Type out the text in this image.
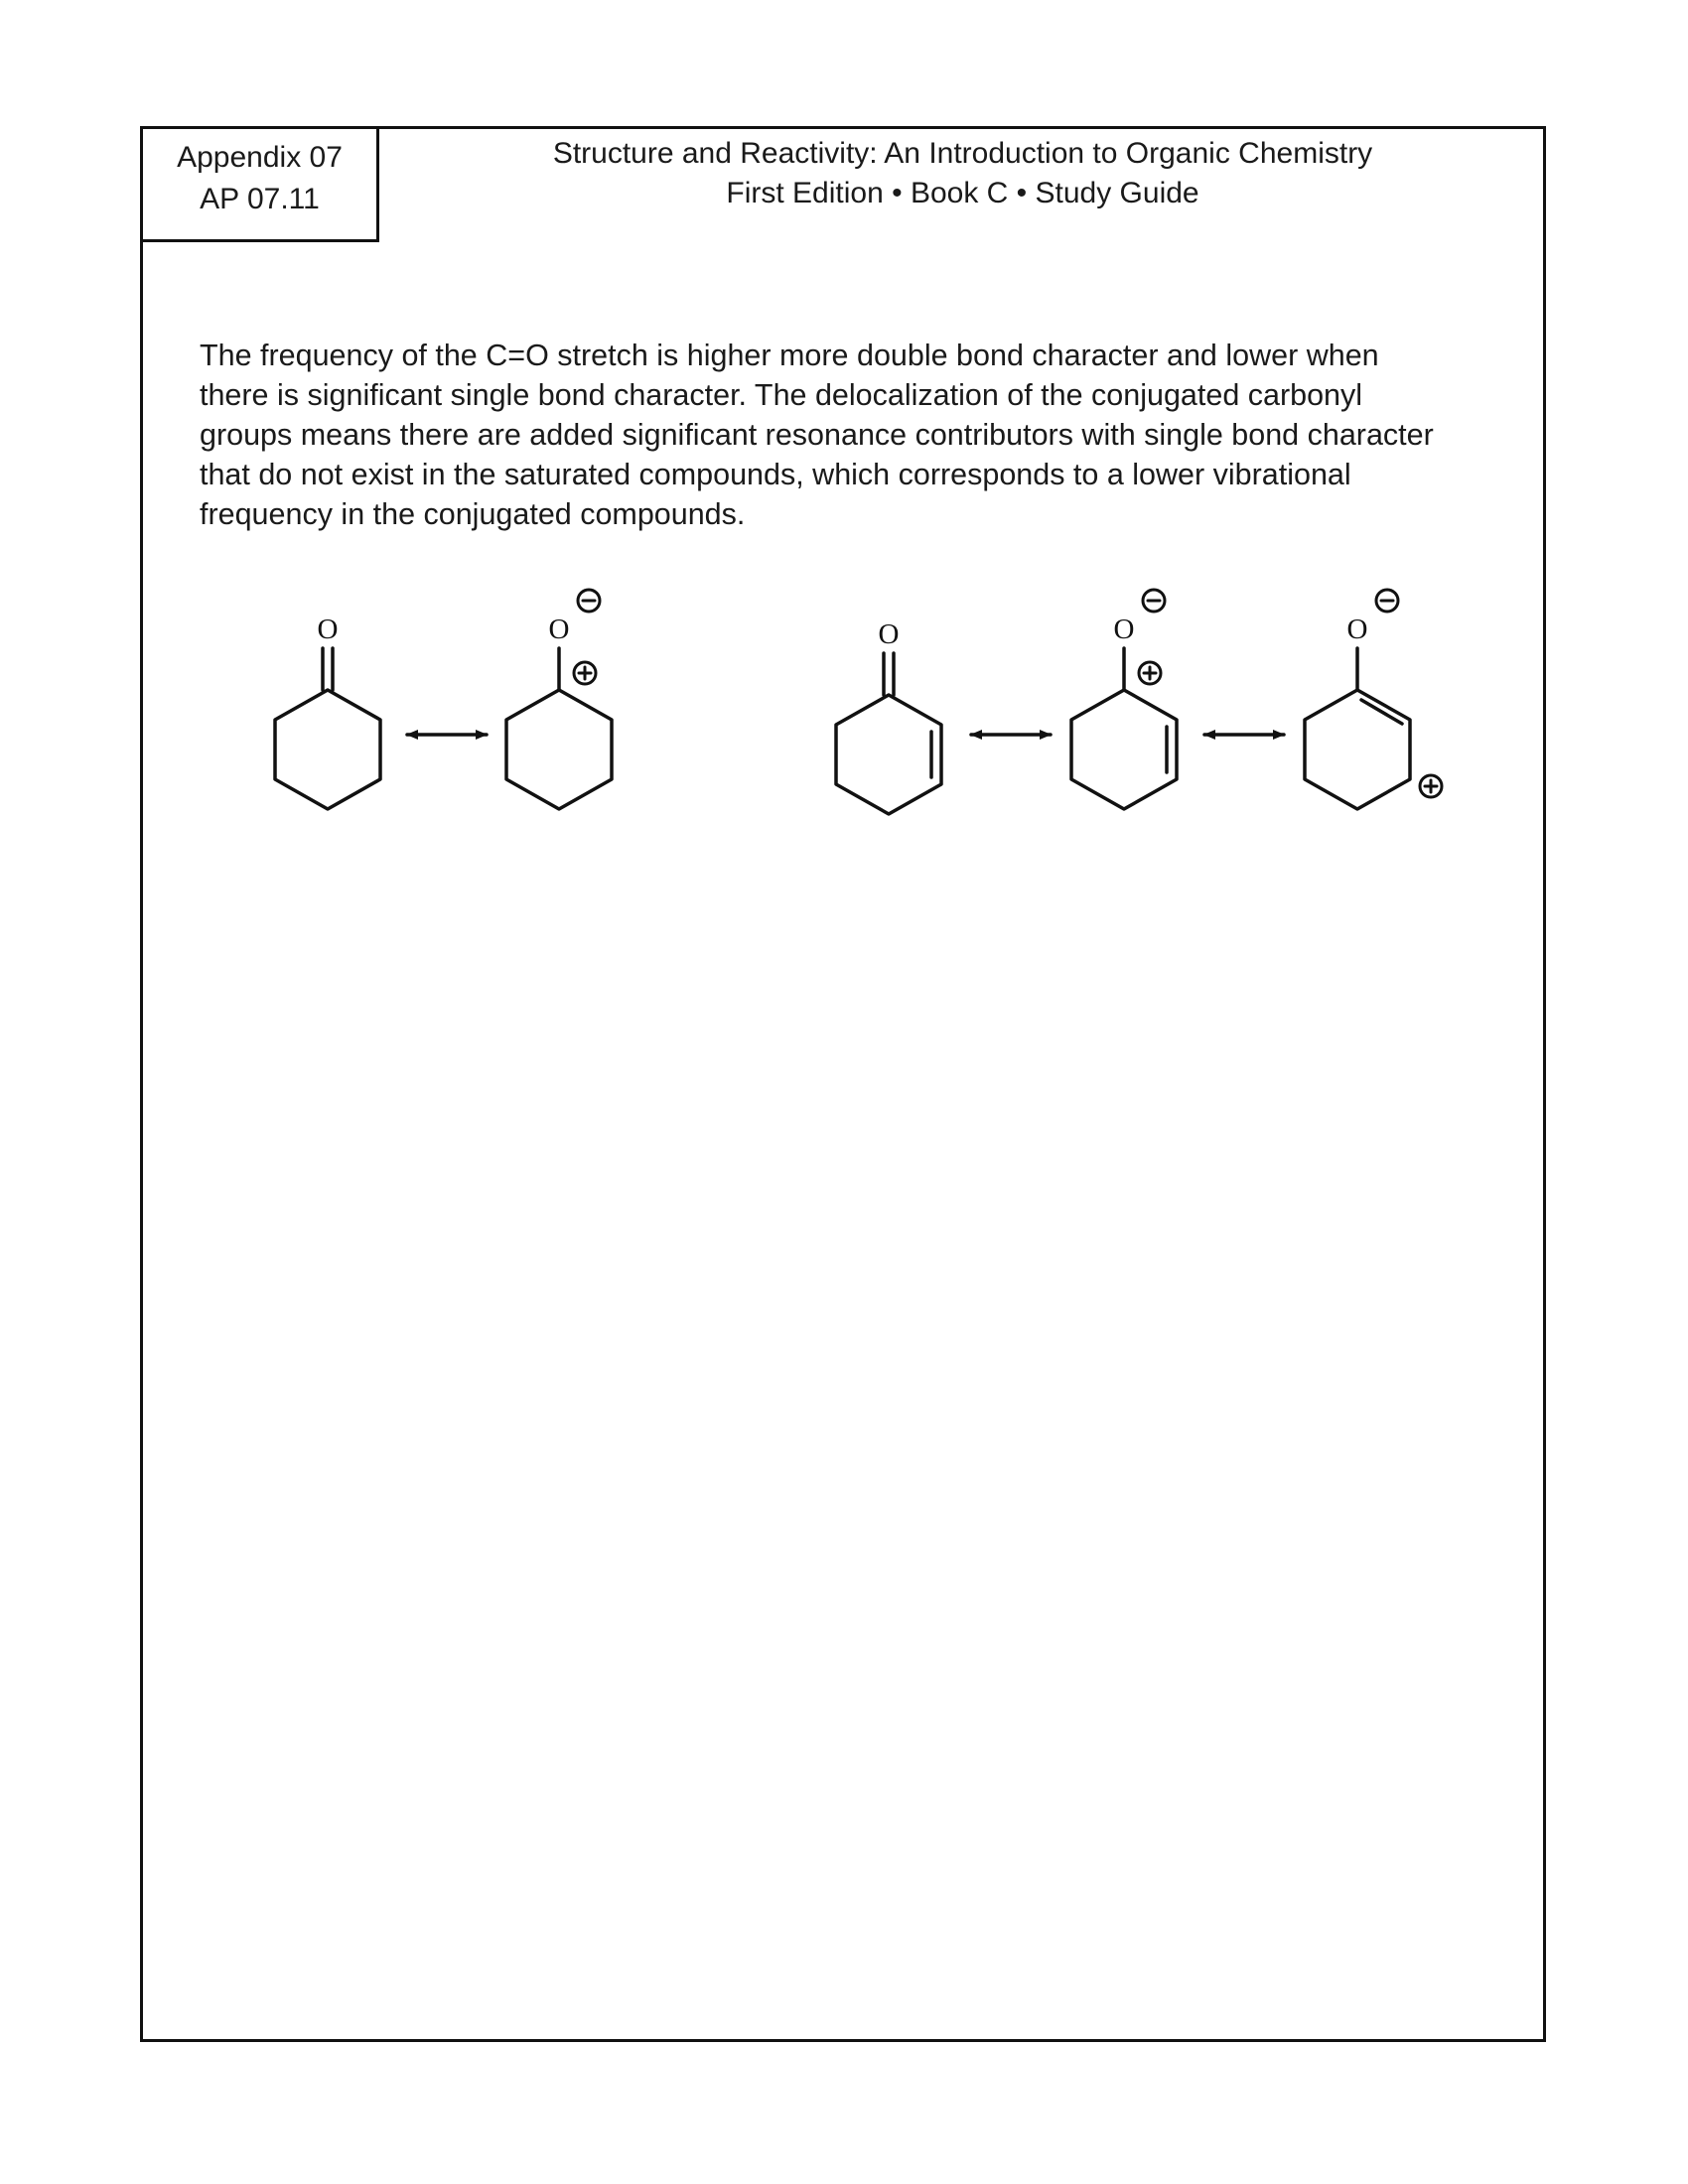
Appendix 07
AP 07.11
Structure and Reactivity: An Introduction to Organic Chemistry
First Edition • Book C • Study Guide
The frequency of the C=O stretch is higher more double bond character and lower when
there is significant single bond character. The delocalization of the conjugated carbonyl
groups means there are added significant resonance contributors with single bond character
that do not exist in the saturated compounds, which corresponds to a lower vibrational
frequency in the conjugated compounds.
O	O	O	O	O
